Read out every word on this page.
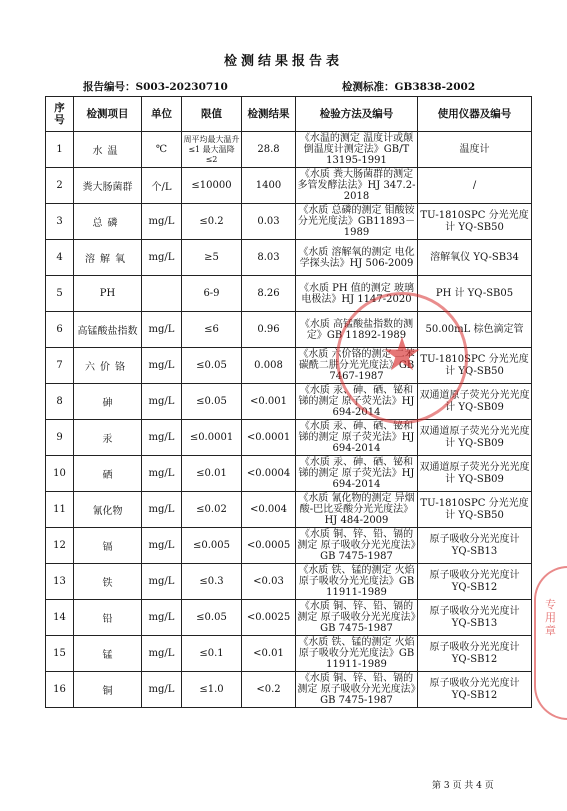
检测结果报告表
报告编号：S003-20230710	检测标准：GB3838-2002
序号	检测项目	单位	限值	检测结果	检验方法及编号	使用仪器及编号
1	水温	℃	周平均最大温升≤1 最大温降≤2	28.8	《水温的测定 温度计或颠倒温度计测定法》GB/T 13195-1991	温度计
2	粪大肠菌群	个/L	≤10000	1400	《水质 粪大肠菌群的测定 多管发酵法法》HJ 347.2-2018	/
3	总磷	mg/L	≤0.2	0.03	《水质 总磷的测定 钼酸铵分光光度法》GB11893－1989	TU-1810SPC 分光光度计 YQ-SB50
4	溶解氧	mg/L	≥5	8.03	《水质 溶解氧的测定 电化学探头法》HJ 506-2009	溶解氧仪 YQ-SB34
5	PH		6-9	8.26	《水质 PH 值的测定 玻璃电极法》HJ 1147-2020	PH 计 YQ-SB05
6	高锰酸盐指数	mg/L	≤6	0.96	《水质 高锰酸盐指数的测定》GB 11892-1989	50.00mL 棕色滴定管
7	六价铬	mg/L	≤0.05	0.008	《水质 六价铬的测定 二苯碳酰二肼分光光度法》GB 7467-1987	TU-1810SPC 分光光度计 YQ-SB50
8	砷	mg/L	≤0.05	<0.001	《水质 汞、砷、硒、铋和锑的测定 原子荧光法》HJ 694-2014	双通道原子荧光分光光度计 YQ-SB09
9	汞	mg/L	≤0.0001	<0.0001	《水质 汞、砷、硒、铋和锑的测定 原子荧光法》HJ 694-2014	双通道原子荧光分光光度计 YQ-SB09
10	硒	mg/L	≤0.01	<0.0004	《水质 汞、砷、硒、铋和锑的测定 原子荧光法》HJ 694-2014	双通道原子荧光分光光度计 YQ-SB09
11	氰化物	mg/L	≤0.02	<0.004	《水质 氰化物的测定 异烟酸-巴比妥酸分光光度法》HJ 484-2009	TU-1810SPC 分光光度计 YQ-SB50
12	镉	mg/L	≤0.005	<0.0005	《水质 铜、锌、铅、镉的测定 原子吸收分光光度法》GB 7475-1987	原子吸收分光光度计 YQ-SB13
13	铁	mg/L	≤0.3	<0.03	《水质 铁、锰的测定 火焰原子吸收分光光度法》GB 11911-1989	原子吸收分光光度计 YQ-SB12
14	铅	mg/L	≤0.05	<0.0025	《水质 铜、锌、铅、镉的测定 原子吸收分光光度法》GB 7475-1987	原子吸收分光光度计 YQ-SB13
15	锰	mg/L	≤0.1	<0.01	《水质 铁、锰的测定 火焰原子吸收分光光度法》GB 11911-1989	原子吸收分光光度计 YQ-SB12
16	铜	mg/L	≤1.0	<0.2	《水质 铜、锌、铅、镉的测定 原子吸收分光光度法》GB 7475-1987	原子吸收分光光度计 YQ-SB12
★
专用章
第 3 页 共 4 页
